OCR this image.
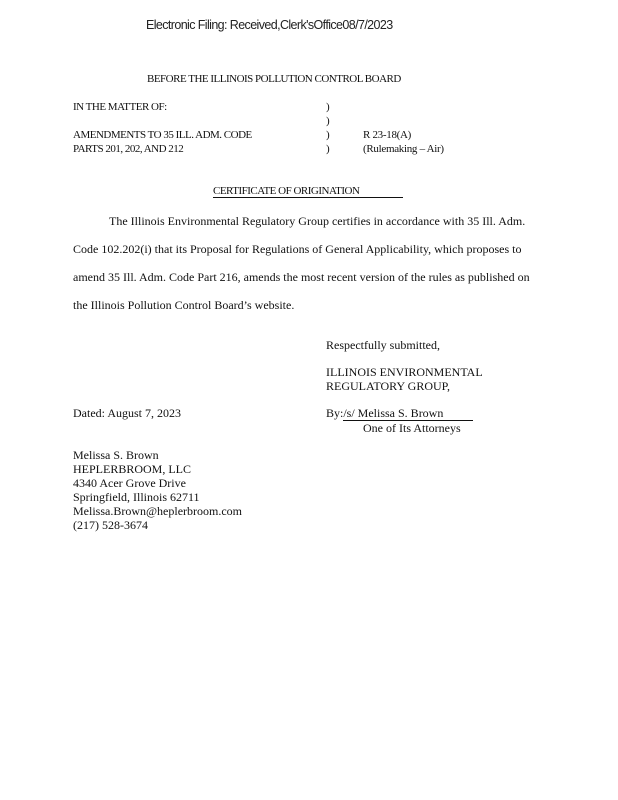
Electronic Filing: Received,Clerk'sOffice08/7/2023
BEFORE THE ILLINOIS POLLUTION CONTROL BOARD
IN THE MATTER OF:
AMENDMENTS TO 35 ILL. ADM. CODE
PARTS 201, 202, AND 212
)
)
)
)
R 23-18(A)
(Rulemaking – Air)
CERTIFICATE OF ORIGINATION

The Illinois Environmental Regulatory Group certifies in accordance with 35 Ill. Adm. Code 102.202(i) that its Proposal for Regulations of General Applicability, which proposes to amend 35 Ill. Adm. Code Part 216, amends the most recent version of the rules as published on the Illinois Pollution Control Board’s website.

Respectfully submitted,
ILLINOIS ENVIRONMENTAL
REGULATORY GROUP,
Dated: August 7, 2023	By:/s/ Melissa S. Brown
One of Its Attorneys
Melissa S. Brown
HEPLERBROOM, LLC
4340 Acer Grove Drive
Springfield, Illinois 62711
Melissa.Brown@heplerbroom.com
(217) 528-3674
